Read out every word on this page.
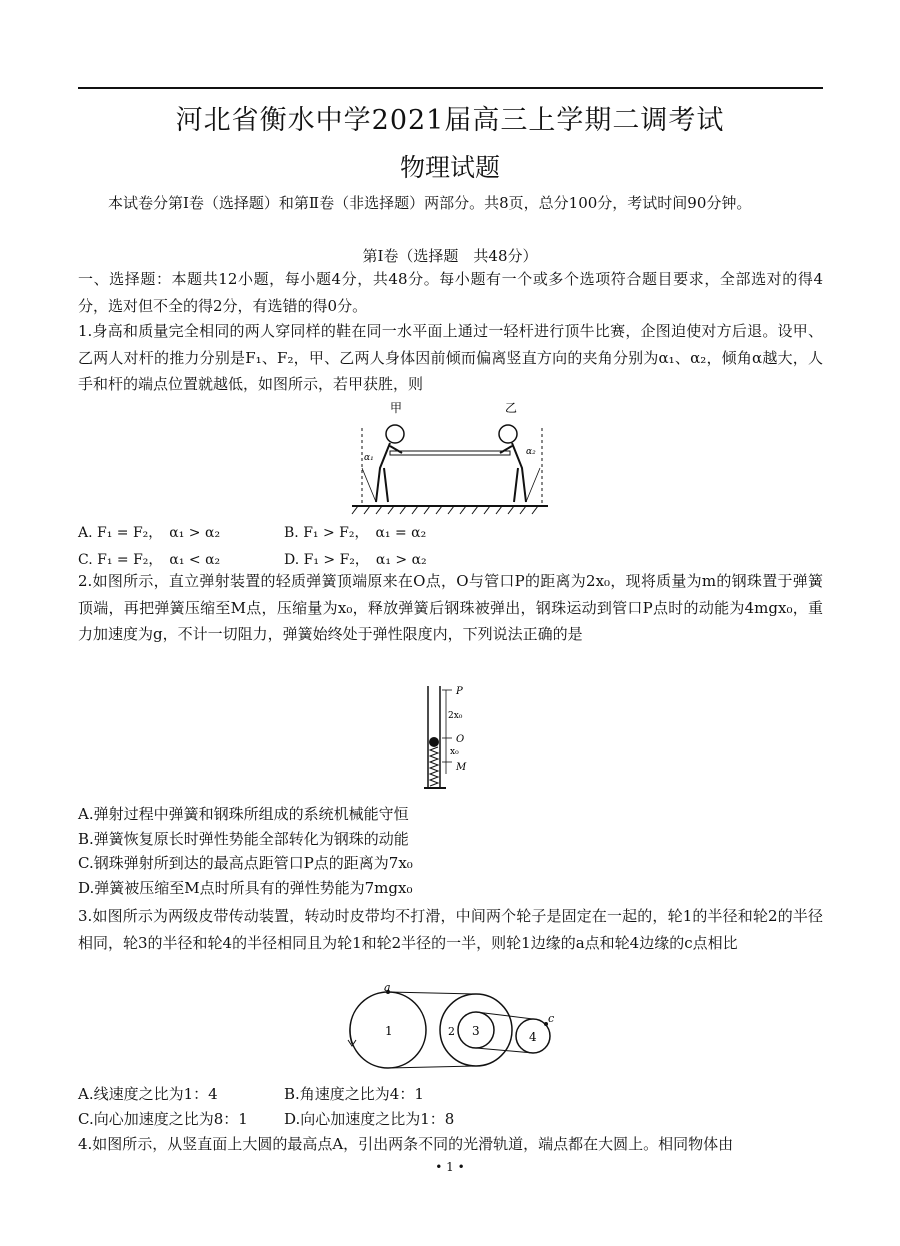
河北省衡水中学2021届高三上学期二调考试
物理试题
本试卷分第Ⅰ卷（选择题）和第Ⅱ卷（非选择题）两部分。共8页，总分100分，考试时间90分钟。
第Ⅰ卷（选择题　共48分）
一、选择题：本题共12小题，每小题4分，共48分。每小题有一个或多个选项符合题目要求，全部选对的得4分，选对但不全的得2分，有选错的得0分。
1.身高和质量完全相同的两人穿同样的鞋在同一水平面上通过一轻杆进行顶牛比赛，企图迫使对方后退。设甲、乙两人对杆的推力分别是F₁、F₂，甲、乙两人身体因前倾而偏离竖直方向的夹角分别为α₁、α₂，倾角α越大，人手和杆的端点位置就越低，如图所示，若甲获胜，则
甲	乙
α₁
α₂
A. F₁ = F₂，　α₁ > α₂	B. F₁ > F₂，　α₁ = α₂
C. F₁ = F₂，　α₁ < α₂	D. F₁ > F₂，　α₁ > α₂
2.如图所示，直立弹射装置的轻质弹簧顶端原来在O点，O与管口P的距离为2x₀，现将质量为m的钢珠置于弹簧顶端，再把弹簧压缩至M点，压缩量为x₀，释放弹簧后钢珠被弹出，钢珠运动到管口P点时的动能为4mgx₀，重力加速度为g，不计一切阻力，弹簧始终处于弹性限度内，下列说法正确的是
P
2x₀
O
x₀
M
A.弹射过程中弹簧和钢珠所组成的系统机械能守恒
B.弹簧恢复原长时弹性势能全部转化为钢珠的动能
C.钢珠弹射所到达的最高点距管口P点的距离为7x₀
D.弹簧被压缩至M点时所具有的弹性势能为7mgx₀
3.如图所示为两级皮带传动装置，转动时皮带均不打滑，中间两个轮子是固定在一起的，轮1的半径和轮2的半径相同，轮3的半径和轮4的半径相同且为轮1和轮2半径的一半，则轮1边缘的a点和轮4边缘的c点相比
a
c
1	2 3	4
A.线速度之比为1：4	B.角速度之比为4：1
C.向心加速度之比为8：1 D.向心加速度之比为1：8
4.如图所示，从竖直面上大圆的最高点A，引出两条不同的光滑轨道，端点都在大圆上。相同物体由
• 1 •
